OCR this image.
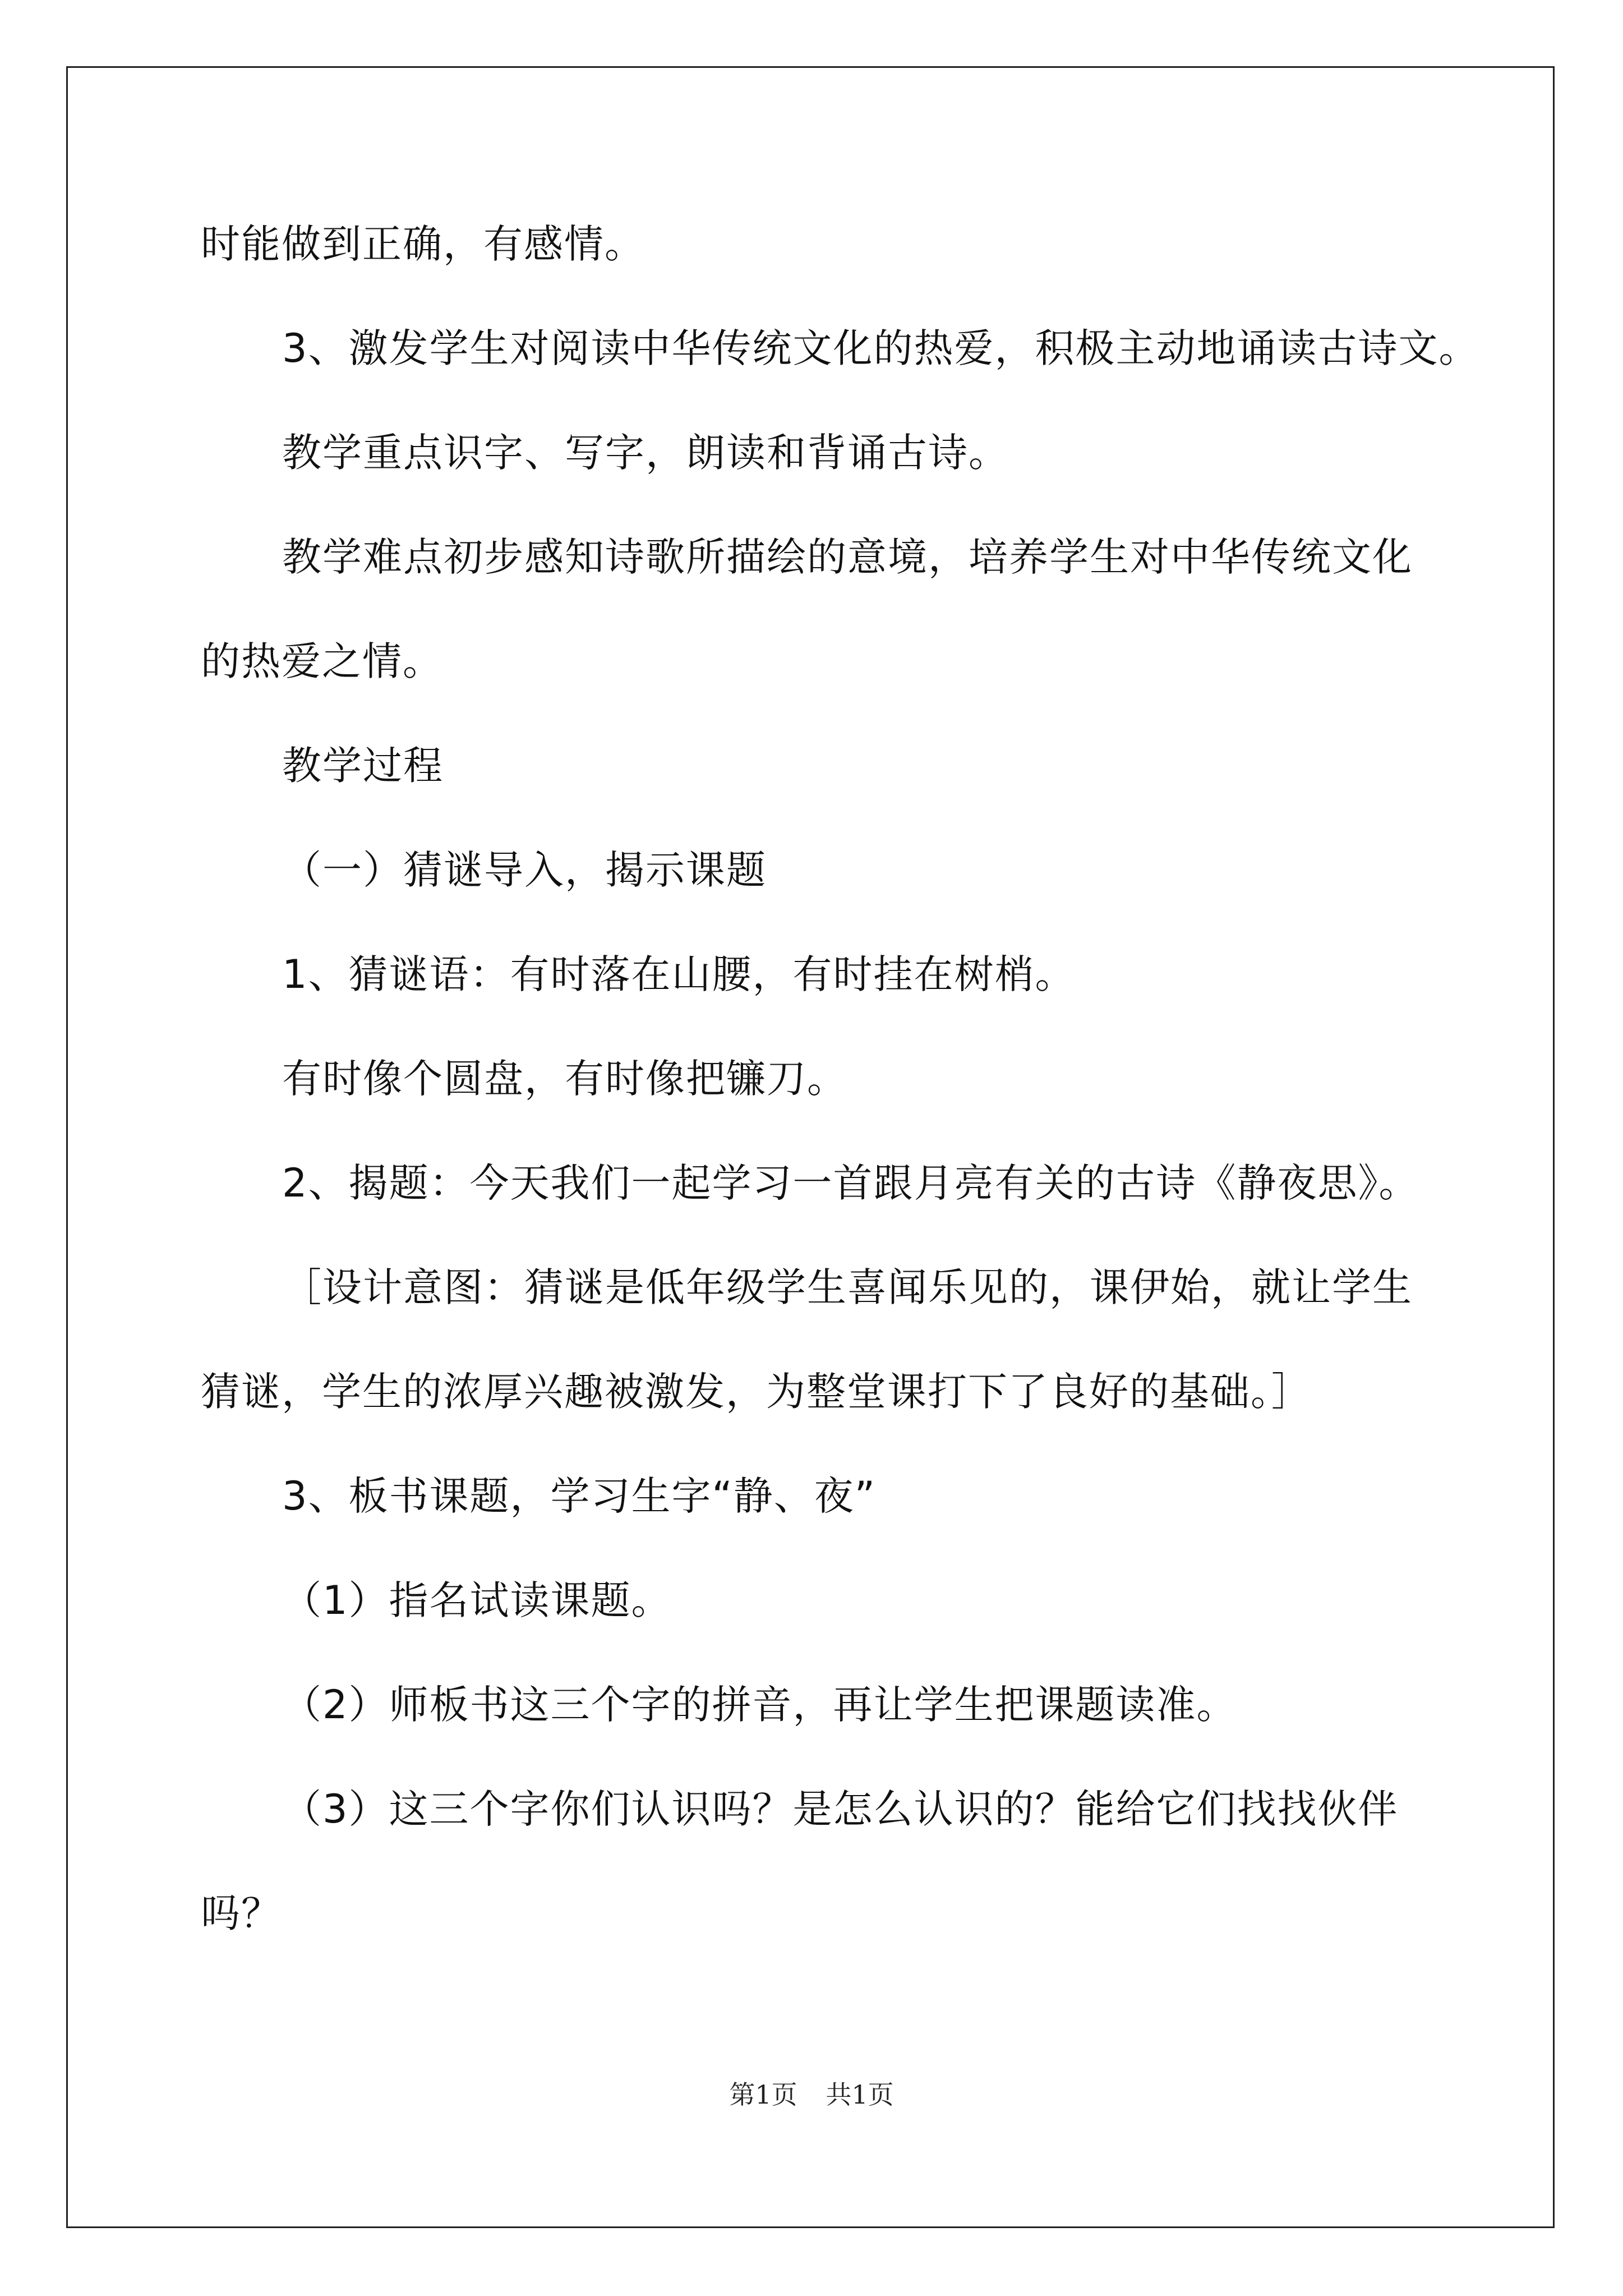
时能做到正确，有感情。
3、激发学生对阅读中华传统文化的热爱，积极主动地诵读古诗文。
教学重点识字、写字，朗读和背诵古诗。
教学难点初步感知诗歌所描绘的意境，培养学生对中华传统文化
的热爱之情。
教学过程
（一）猜谜导入，揭示课题
1、猜谜语：有时落在山腰，有时挂在树梢。
有时像个圆盘，有时像把镰刀。
2、揭题：今天我们一起学习一首跟月亮有关的古诗《静夜思》。
［设计意图：猜谜是低年级学生喜闻乐见的，课伊始，就让学生
猜谜，学生的浓厚兴趣被激发，为整堂课打下了良好的基础。］
3、板书课题，学习生字“静、夜”
（1）指名试读课题。
（2）师板书这三个字的拼音，再让学生把课题读准。
（3）这三个字你们认识吗？是怎么认识的？能给它们找找伙伴
吗？
第1页 共1页
